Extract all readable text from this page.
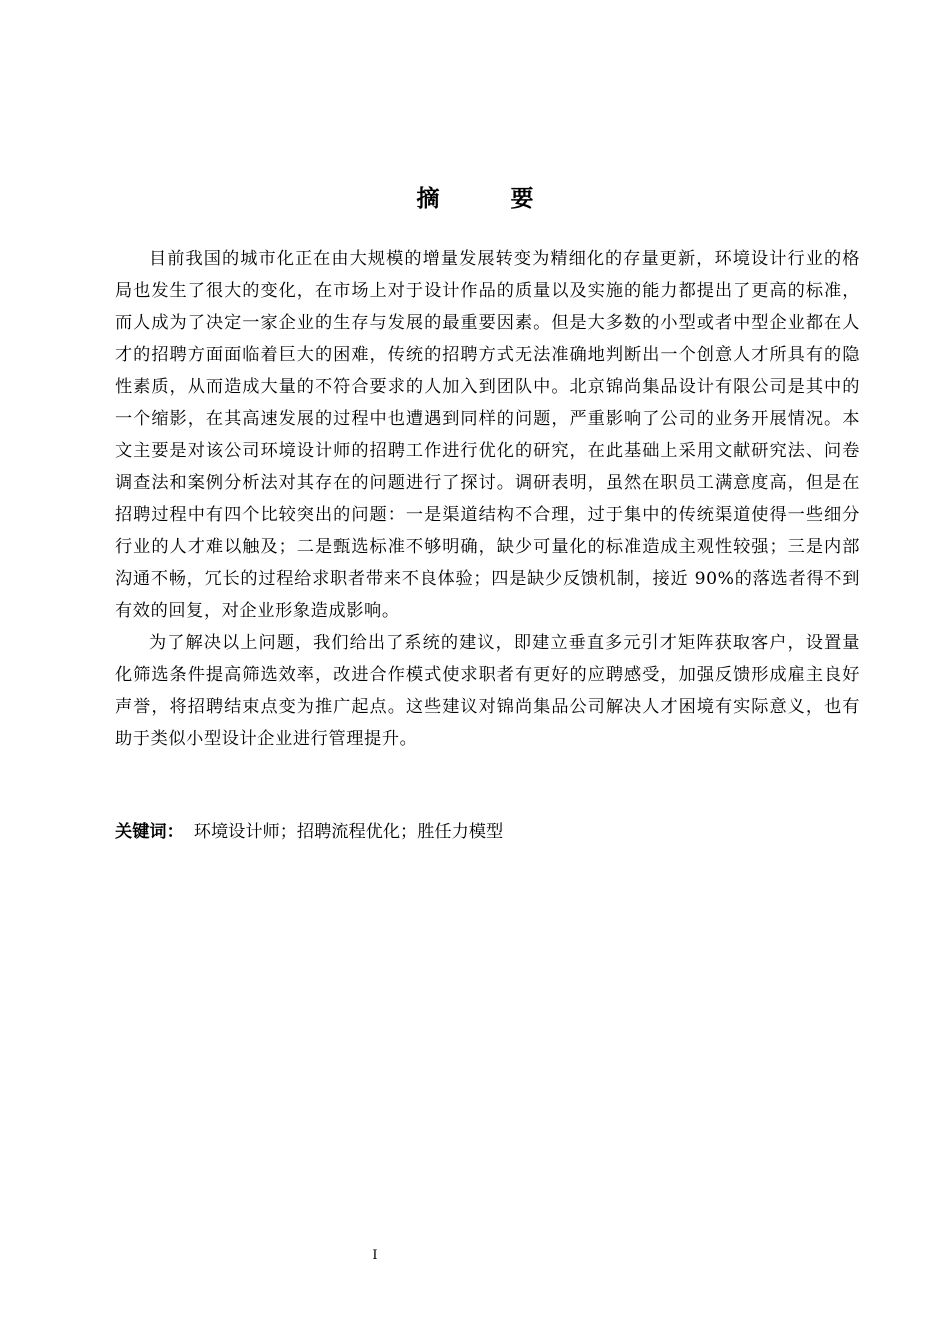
摘　要

目前我国的城市化正在由大规模的增量发展转变为精细化的存量更新，环境设计行业的格局也发生了很大的变化，在市场上对于设计作品的质量以及实施的能力都提出了更高的标准，而人成为了决定一家企业的生存与发展的最重要因素。但是大多数的小型或者中型企业都在人才的招聘方面面临着巨大的困难，传统的招聘方式无法准确地判断出一个创意人才所具有的隐性素质，从而造成大量的不符合要求的人加入到团队中。北京锦尚集品设计有限公司是其中的一个缩影，在其高速发展的过程中也遭遇到同样的问题，严重影响了公司的业务开展情况。本文主要是对该公司环境设计师的招聘工作进行优化的研究，在此基础上采用文献研究法、问卷调查法和案例分析法对其存在的问题进行了探讨。调研表明，虽然在职员工满意度高，但是在招聘过程中有四个比较突出的问题：一是渠道结构不合理，过于集中的传统渠道使得一些细分行业的人才难以触及；二是甄选标准不够明确，缺少可量化的标准造成主观性较强；三是内部沟通不畅，冗长的过程给求职者带来不良体验；四是缺少反馈机制，接近 90%的落选者得不到有效的回复，对企业形象造成影响。

为了解决以上问题，我们给出了系统的建议，即建立垂直多元引才矩阵获取客户，设置量化筛选条件提高筛选效率，改进合作模式使求职者有更好的应聘感受，加强反馈形成雇主良好声誉，将招聘结束点变为推广起点。这些建议对锦尚集品公司解决人才困境有实际意义，也有助于类似小型设计企业进行管理提升。

关键词： 环境设计师；招聘流程优化；胜任力模型
I
